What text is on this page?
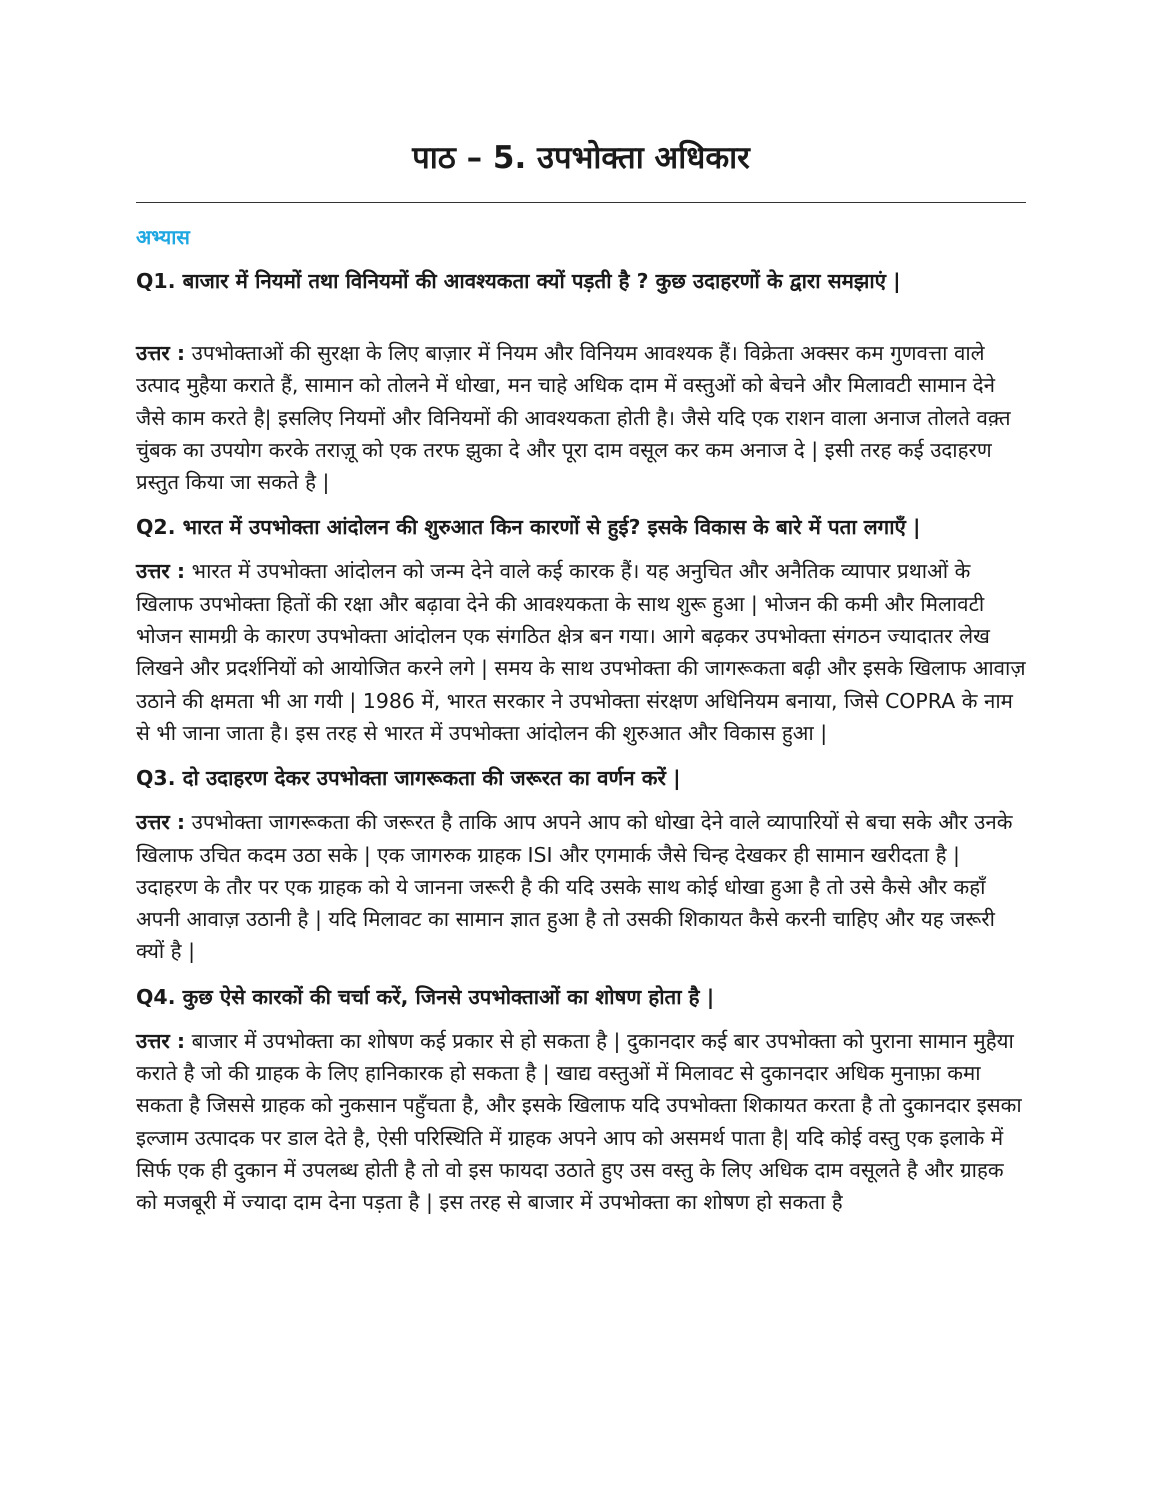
पाठ – 5. उपभोक्ता अधिकार
अभ्यास

Q1. बाजार में नियमों तथा विनियमों की आवश्यकता क्यों पड़ती है ? कुछ उदाहरणों के द्वारा समझाएं |

उत्तर : उपभोक्ताओं की सुरक्षा के लिए बाज़ार में नियम और विनियम आवश्यक हैं। विक्रेता अक्सर कम गुणवत्ता वाले उत्पाद मुहैया कराते हैं, सामान को तोलने में धोखा, मन चाहे अधिक दाम में वस्तुओं को बेचने और मिलावटी सामान देने जैसे काम करते है| इसलिए नियमों और विनियमों की आवश्यकता होती है। जैसे यदि एक राशन वाला अनाज तोलते वक़्त चुंबक का उपयोग करके तराज़ू को एक तरफ झुका दे और पूरा दाम वसूल कर कम अनाज दे | इसी तरह कई उदाहरण प्रस्तुत किया जा सकते है |

Q2. भारत में उपभोक्ता आंदोलन की शुरुआत किन कारणों से हुई? इसके विकास के बारे में पता लगाएँ |

उत्तर : भारत में उपभोक्ता आंदोलन को जन्म देने वाले कई कारक हैं। यह अनुचित और अनैतिक व्यापार प्रथाओं के खिलाफ उपभोक्ता हितों की रक्षा और बढ़ावा देने की आवश्यकता के साथ शुरू हुआ | भोजन की कमी और मिलावटी भोजन सामग्री के कारण उपभोक्ता आंदोलन एक संगठित क्षेत्र बन गया। आगे बढ़कर उपभोक्ता संगठन ज्यादातर लेख लिखने और प्रदर्शनियों को आयोजित करने लगे | समय के साथ उपभोक्ता की जागरूकता बढ़ी और इसके खिलाफ आवाज़ उठाने की क्षमता भी आ गयी | 1986 में, भारत सरकार ने उपभोक्ता संरक्षण अधिनियम बनाया, जिसे COPRA के नाम से भी जाना जाता है। इस तरह से भारत में उपभोक्ता आंदोलन की शुरुआत और विकास हुआ |

Q3. दो उदाहरण देकर उपभोक्ता जागरूकता की जरूरत का वर्णन करें |

उत्तर : उपभोक्ता जागरूकता की जरूरत है ताकि आप अपने आप को धोखा देने वाले व्यापारियों से बचा सके और उनके खिलाफ उचित कदम उठा सके | एक जागरुक ग्राहक ISI और एगमार्क जैसे चिन्ह देखकर ही सामान खरीदता है | उदाहरण के तौर पर एक ग्राहक को ये जानना जरूरी है की यदि उसके साथ कोई धोखा हुआ है तो उसे कैसे और कहाँ अपनी आवाज़ उठानी है | यदि मिलावट का सामान ज्ञात हुआ है तो उसकी शिकायत कैसे करनी चाहिए और यह जरूरी क्यों है |

Q4. कुछ ऐसे कारकों की चर्चा करें, जिनसे उपभोक्ताओं का शोषण होता है |

उत्तर : बाजार में उपभोक्ता का शोषण कई प्रकार से हो सकता है | दुकानदार कई बार उपभोक्ता को पुराना सामान मुहैया कराते है जो की ग्राहक के लिए हानिकारक हो सकता है | खाद्य वस्तुओं में मिलावट से दुकानदार अधिक मुनाफ़ा कमा सकता है जिससे ग्राहक को नुकसान पहुँचता है, और इसके खिलाफ यदि उपभोक्ता शिकायत करता है तो दुकानदार इसका इल्जाम उत्पादक पर डाल देते है, ऐसी परिस्थिति में ग्राहक अपने आप को असमर्थ पाता है| यदि कोई वस्तु एक इलाके में सिर्फ एक ही दुकान में उपलब्ध होती है तो वो इस फायदा उठाते हुए उस वस्तु के लिए अधिक दाम वसूलते है और ग्राहक को मजबूरी में ज्यादा दाम देना पड़ता है | इस तरह से बाजार में उपभोक्ता का शोषण हो सकता है
